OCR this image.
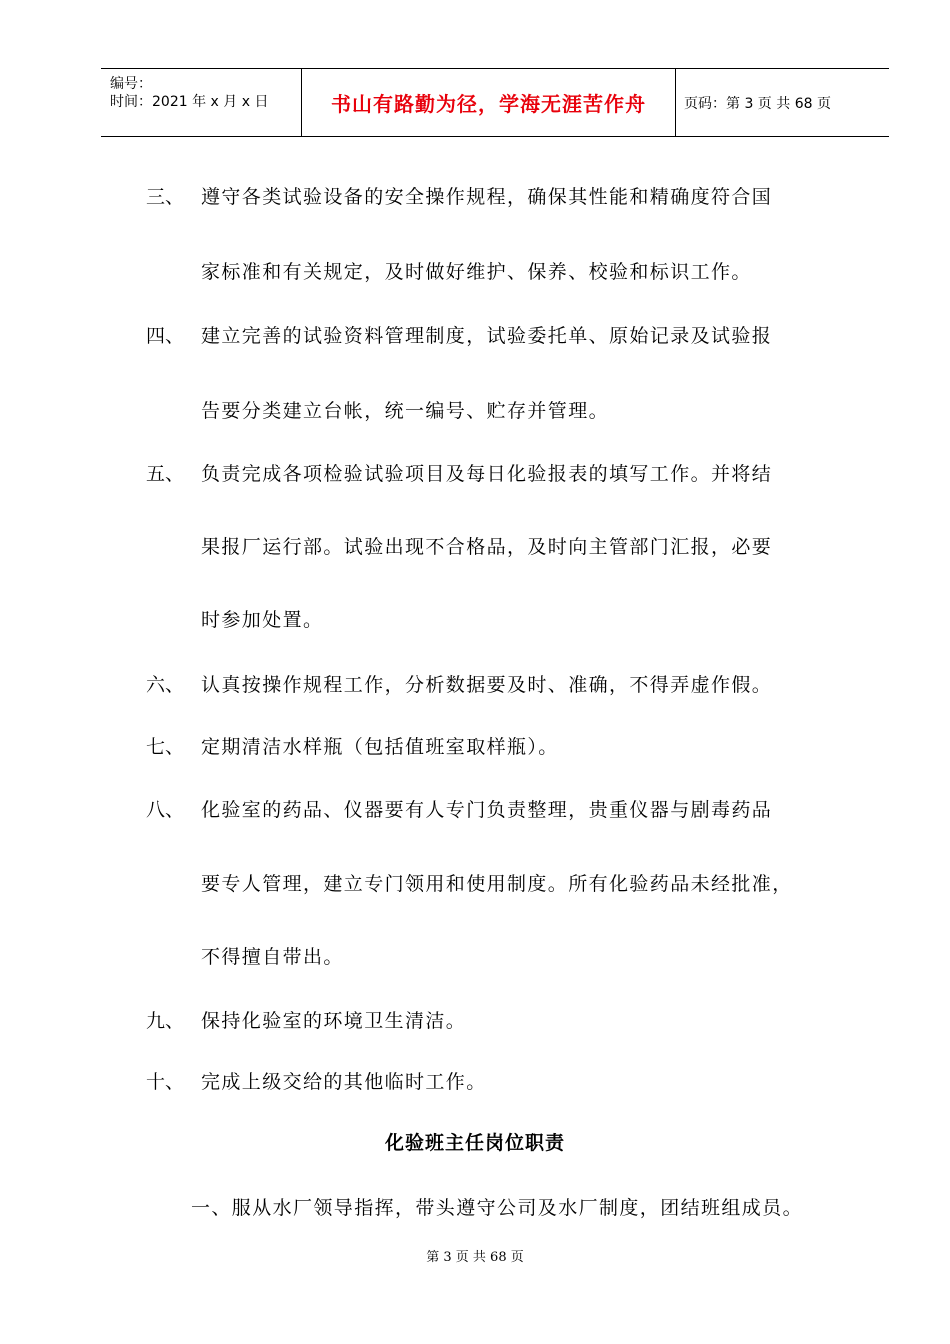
编号：
时间：2021 年 x 月 x 日	书山有路勤为径，学海无涯苦作舟	页码：第 3 页 共 68 页
三、 遵守各类试验设备的安全操作规程，确保其性能和精确度符合国
家标准和有关规定，及时做好维护、保养、校验和标识工作。
四、 建立完善的试验资料管理制度，试验委托单、原始记录及试验报
告要分类建立台帐，统一编号、贮存并管理。
五、 负责完成各项检验试验项目及每日化验报表的填写工作。并将结
果报厂运行部。试验出现不合格品，及时向主管部门汇报，必要
时参加处置。
六、 认真按操作规程工作，分析数据要及时、准确，不得弄虚作假。
七、 定期清洁水样瓶（包括值班室取样瓶）。
八、 化验室的药品、仪器要有人专门负责整理，贵重仪器与剧毒药品
要专人管理，建立专门领用和使用制度。所有化验药品未经批准，
不得擅自带出。
九、 保持化验室的环境卫生清洁。
十、 完成上级交给的其他临时工作。
化验班主任岗位职责
一、服从水厂领导指挥，带头遵守公司及水厂制度，团结班组成员。
第 3 页 共 68 页
